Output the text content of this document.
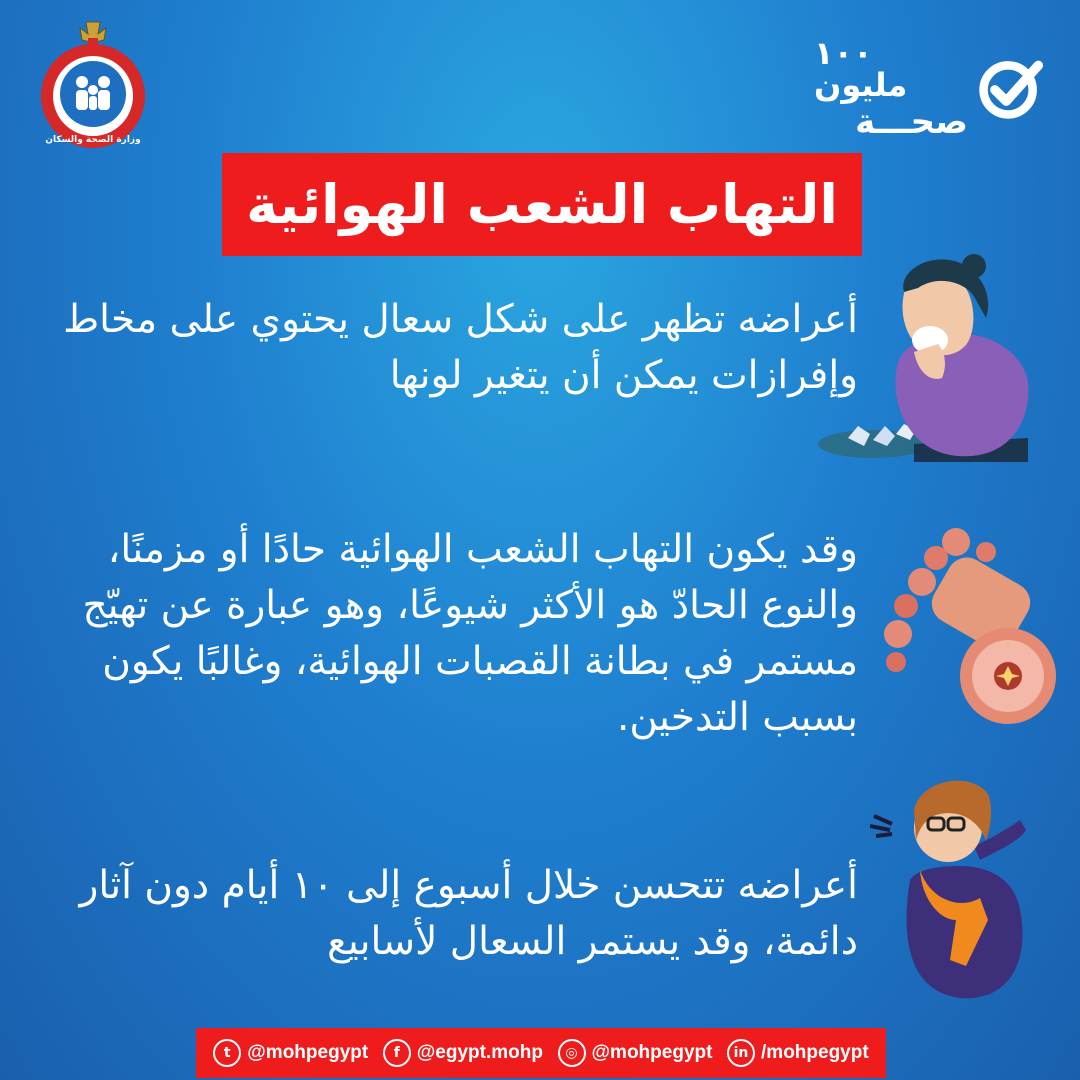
وزارة الصحة والسكان
١٠٠ مليون
صحـــة
التهاب الشعب الهوائية

أعراضه تظهر على شكل سعال يحتوي على مخاط وإفرازات يمكن أن يتغير لونها

وقد يكون التهاب الشعب الهوائية حادًا أو مزمنًا، والنوع الحادّ هو الأكثر شيوعًا، وهو عبارة عن تهيّج مستمر في بطانة القصبات الهوائية، وغالبًا يكون بسبب التدخين.

أعراضه تتحسن خلال أسبوع إلى ١٠ أيام دون آثار دائمة، وقد يستمر السعال لأسابيع

t @mohpegypt	f @egypt.mohp	◎ @mohpegypt	in /mohpegypt
